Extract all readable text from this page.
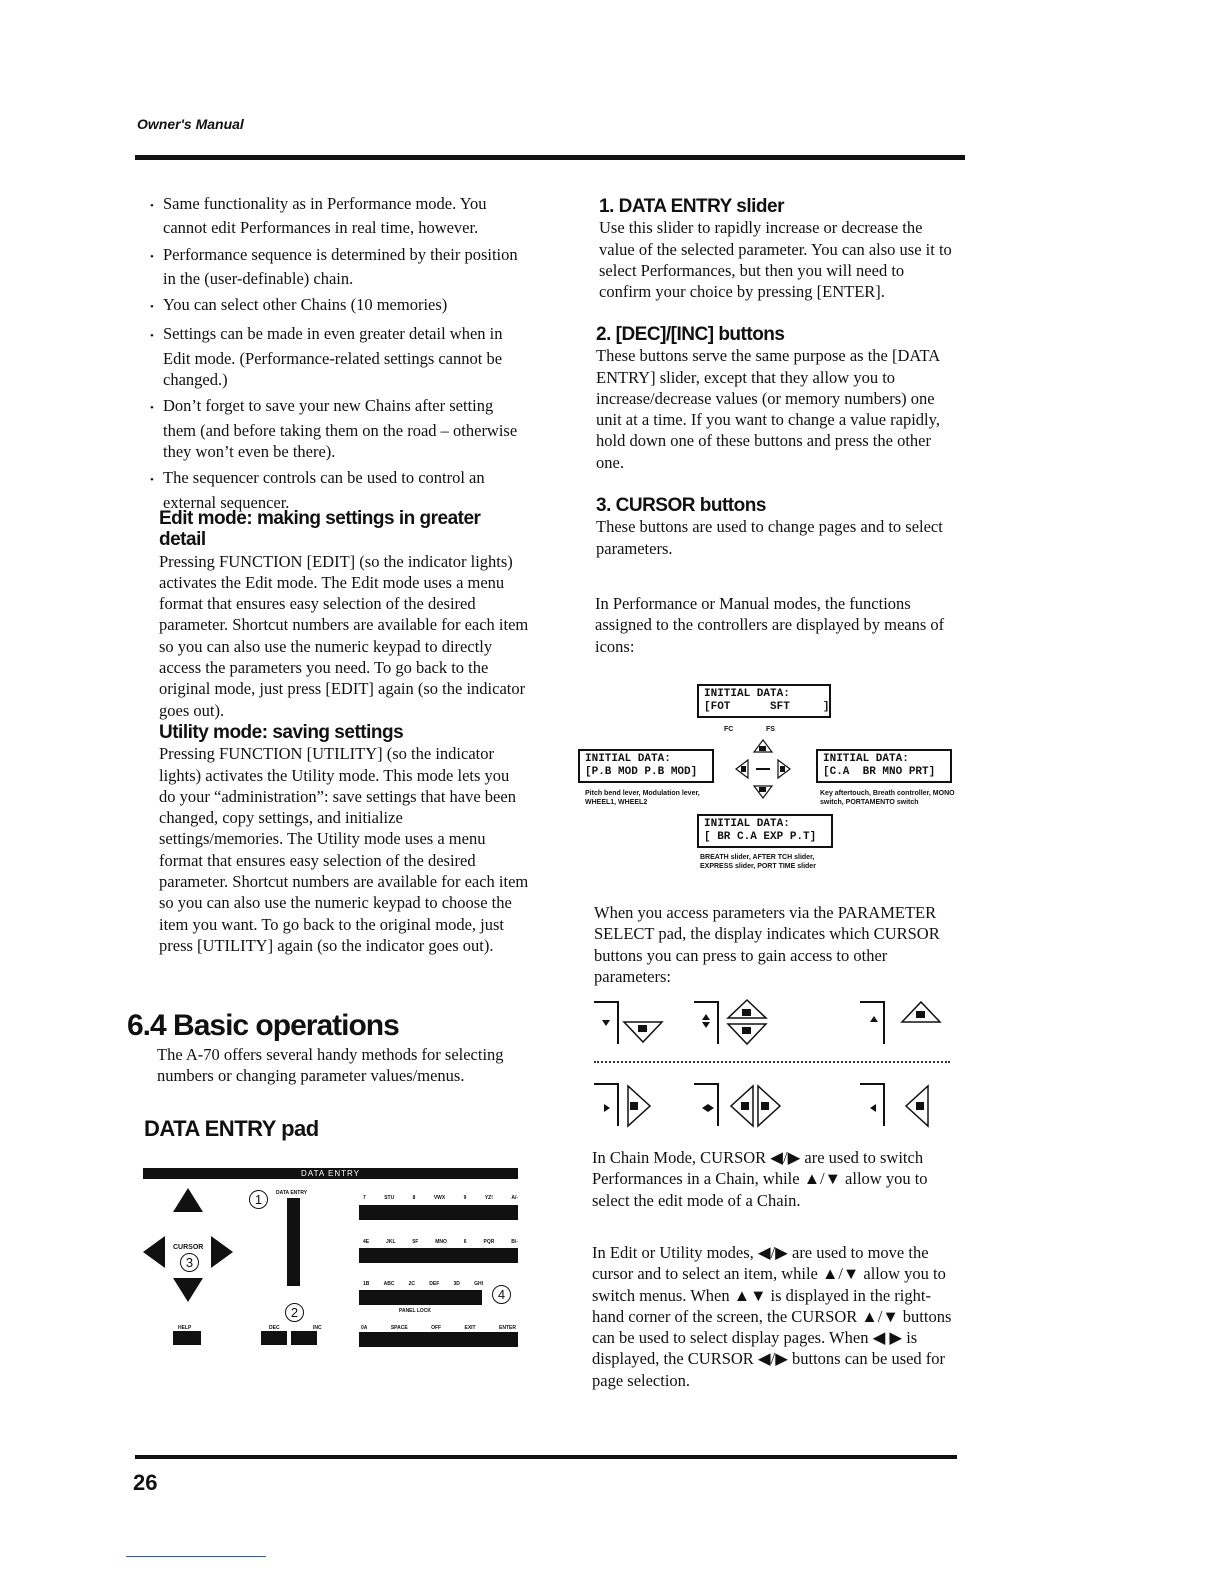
Owner's Manual
• Same functionality as in Performance mode. You cannot edit Performances in real time, however.
• Performance sequence is determined by their position in the (user-definable) chain.
• You can select other Chains (10 memories)
• Settings can be made in even greater detail when in Edit mode. (Performance-related settings cannot be changed.)
• Don’t forget to save your new Chains after setting them (and before taking them on the road – otherwise they won’t even be there).
• The sequencer controls can be used to control an external sequencer.
Edit mode: making settings in greater detail

Pressing FUNCTION [EDIT] (so the indicator lights) activates the Edit mode. The Edit mode uses a menu format that ensures easy selection of the desired parameter. Shortcut numbers are available for each item so you can also use the numeric keypad to directly access the parameters you need. To go back to the original mode, just press [EDIT] again (so the indicator goes out).

Utility mode: saving settings

Pressing FUNCTION [UTILITY] (so the indicator lights) activates the Utility mode. This mode lets you do your “administration”: save settings that have been changed, copy settings, and initialize settings/memories. The Utility mode uses a menu format that ensures easy selection of the desired parameter. Shortcut numbers are available for each item so you can also use the numeric keypad to choose the item you want. To go back to the original mode, just press [UTILITY] again (so the indicator goes out).

6.4 Basic operations
The A-70 offers several handy methods for selecting numbers or changing parameter values/menus.
DATA ENTRY pad
DATA ENTRY
CURSOR
3
1	DATA ENTRY
2
HELP	DEC	INC
7	STU	8	VWX	9	YZ!	A/-
4E	JKL	5F	MNO	6	PQR	B/-
1B	ABC	2C	DEF	3D	GHI
PANEL LOCK
4
0A	SPACE	OFF	EXIT	ENTER
1. DATA ENTRY slider

Use this slider to rapidly increase or decrease the value of the selected parameter. You can also use it to select Performances, but then you will need to confirm your choice by pressing [ENTER].

2. [DEC]/[INC] buttons

These buttons serve the same purpose as the [DATA ENTRY] slider, except that they allow you to increase/decrease values (or memory numbers) one unit at a time. If you want to change a value rapidly, hold down one of these buttons and press the other one.

3. CURSOR buttons

These buttons are used to change pages and to select parameters.

In Performance or Manual modes, the functions assigned to the controllers are displayed by means of icons:
INITIAL DATA:
[FOT      SFT     ]
FC	FS
INITIAL DATA:
[P.B MOD P.B MOD]
Pitch bend lever, Modulation lever, WHEEL1, WHEEL2
INITIAL DATA:
[C.A  BR MNO PRT]
Key aftertouch, Breath controller, MONO switch, PORTAMENTO switch
INITIAL DATA:
[ BR C.A EXP P.T]
BREATH slider, AFTER TCH slider, EXPRESS slider, PORT TIME slider
When you access parameters via the PARAMETER SELECT pad, the display indicates which CURSOR buttons you can press to gain access to other parameters:
In Chain Mode, CURSOR ◀/▶ are used to switch Performances in a Chain, while ▲/▼ allow you to select the edit mode of a Chain.
In Edit or Utility modes, ◀/▶ are used to move the cursor and to select an item, while ▲/▼ allow you to switch menus. When ▲▼ is displayed in the right-hand corner of the screen, the CURSOR ▲/▼ buttons can be used to select display pages. When ◀ ▶ is displayed, the CURSOR ◀/▶ buttons can be used for page selection.
26
